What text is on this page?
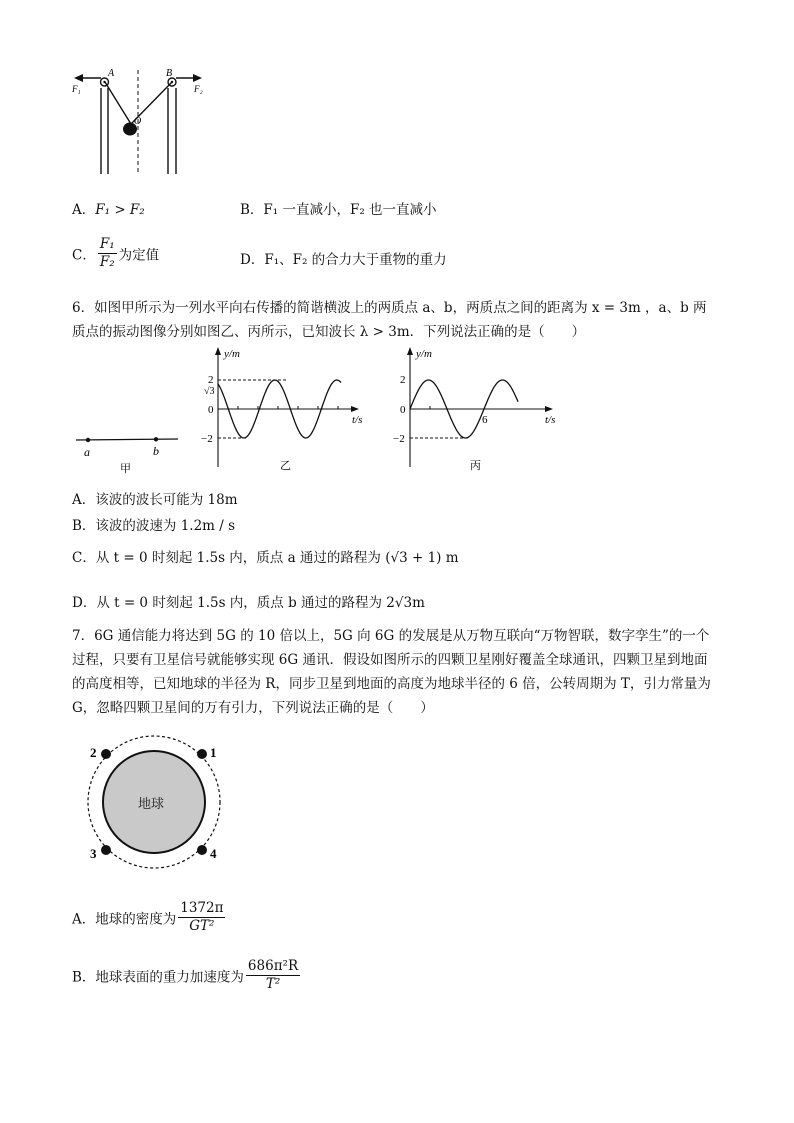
A	B
O
F₁	F₂
A．F₁ > F₂	B．F₁ 一直减小，F₂ 也一直减小
C． $\frac{\text{F₁}}{\text{F₂}}$ 为定值	D．F₁、F₂ 的合力大于重物的重力
6．如图甲所示为一列水平向右传播的简谐横波上的两质点 a、b，两质点之间的距离为 x = 3m ，a、b 两
质点的振动图像分别如图乙、丙所示，已知波长 λ > 3m．下列说法正确的是（　　）
a	b
甲
y/m
t/s
2
√3
0
−2
乙
y/m
t/s
2
0
−2
6
丙
A．该波的波长可能为 18m
B．该波的波速为 1.2m / s
C．从 t = 0 时刻起 1.5s 内，质点 a 通过的路程为 (√3 + 1) m
D．从 t = 0 时刻起 1.5s 内，质点 b 通过的路程为 2√3m
7．6G 通信能力将达到 5G 的 10 倍以上，5G 向 6G 的发展是从万物互联向“万物智联，数字孪生”的一个
过程，只要有卫星信号就能够实现 6G 通讯．假设如图所示的四颗卫星刚好覆盖全球通讯，四颗卫星到地面
的高度相等，已知地球的半径为 R，同步卫星到地面的高度为地球半径的 6 倍，公转周期为 T，引力常量为
G，忽略四颗卫星间的万有引力，下列说法正确的是（　　）
地球
1
2
3	4
A．地球的密度为 $\frac{1372\pi}{\text{GT²}}$
B．地球表面的重力加速度为 $\frac{\text{686π²R}}{\text{T²}}$
